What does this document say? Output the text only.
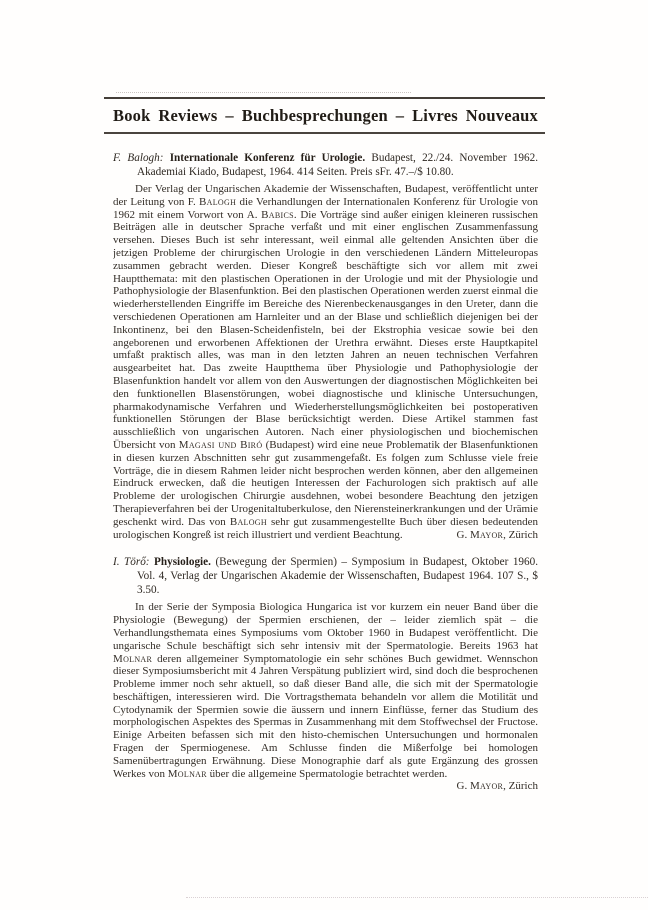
Book Reviews – Buchbesprechungen – Livres Nouveaux

F. Balogh: Internationale Konferenz für Urologie. Budapest, 22./24. November 1962. Akademiai Kiado, Budapest, 1964. 414 Seiten. Preis sFr. 47.–/$ 10.80.

Der Verlag der Ungarischen Akademie der Wissenschaften, Budapest, veröffentlicht unter der Leitung von F. Balogh die Verhandlungen der Internationalen Konferenz für Urologie von 1962 mit einem Vorwort von A. Babics. Die Vorträge sind außer einigen kleineren russischen Beiträgen alle in deutscher Sprache verfaßt und mit einer englischen Zusammenfassung versehen. Dieses Buch ist sehr interessant, weil einmal alle geltenden Ansichten über die jetzigen Probleme der chirurgischen Urologie in den verschiedenen Ländern Mitteleuropas zusammen gebracht werden. Dieser Kongreß beschäftigte sich vor allem mit zwei Hauptthemata: mit den plastischen Operationen in der Urologie und mit der Physiologie und Pathophysiologie der Blasenfunktion. Bei den plastischen Operationen werden zuerst einmal die wiederherstellenden Eingriffe im Bereiche des Nierenbeckenausganges in den Ureter, dann die verschiedenen Operationen am Harnleiter und an der Blase und schließlich diejenigen bei der Inkontinenz, bei den Blasen-Scheidenfisteln, bei der Ekstrophia vesicae sowie bei den angeborenen und erworbenen Affektionen der Urethra erwähnt. Dieses erste Hauptkapitel umfaßt praktisch alles, was man in den letzten Jahren an neuen technischen Verfahren ausgearbeitet hat. Das zweite Hauptthema über Physiologie und Pathophysiologie der Blasenfunktion handelt vor allem von den Auswertungen der diagnostischen Möglichkeiten bei den funktionellen Blasenstörungen, wobei diagnostische und klinische Untersuchungen, pharmakodynamische Verfahren und Wiederherstellungsmöglichkeiten bei postoperativen funktionellen Störungen der Blase berücksichtigt werden. Diese Artikel stammen fast ausschließlich von ungarischen Autoren. Nach einer physiologischen und biochemischen Übersicht von Magasi und Biró (Budapest) wird eine neue Problematik der Blasenfunktionen in diesen kurzen Abschnitten sehr gut zusammengefaßt. Es folgen zum Schlusse viele freie Vorträge, die in diesem Rahmen leider nicht besprochen werden können, aber den allgemeinen Eindruck erwecken, daß die heutigen Interessen der Fachurologen sich praktisch auf alle Probleme der urologischen Chirurgie ausdehnen, wobei besondere Beachtung den jetzigen Therapieverfahren bei der Urogenitaltuberkulose, den Nierensteinerkrankungen und der Urämie geschenkt wird. Das von Balogh sehr gut zusammengestellte Buch über diesen bedeutenden urologischen Kongreß ist reich illustriert und verdient Beachtung.	G. Mayor, Zürich

I. Törő: Physiologie. (Bewegung der Spermien) – Symposium in Budapest, Oktober 1960. Vol. 4, Verlag der Ungarischen Akademie der Wissenschaften, Budapest 1964. 107 S., $ 3.50.

In der Serie der Symposia Biologica Hungarica ist vor kurzem ein neuer Band über die Physiologie (Bewegung) der Spermien erschienen, der – leider ziemlich spät – die Verhandlungsthemata eines Symposiums vom Oktober 1960 in Budapest veröffentlicht. Die ungarische Schule beschäftigt sich sehr intensiv mit der Spermatologie. Bereits 1963 hat Molnar deren allgemeiner Symptomatologie ein sehr schönes Buch gewidmet. Wennschon dieser Symposiumsbericht mit 4 Jahren Verspätung publiziert wird, sind doch die besprochenen Probleme immer noch sehr aktuell, so daß dieser Band alle, die sich mit der Spermatologie beschäftigen, interessieren wird. Die Vortragsthemata behandeln vor allem die Motilität und Cytodynamik der Spermien sowie die äussern und innern Einflüsse, ferner das Studium des morphologischen Aspektes des Spermas in Zusammenhang mit dem Stoffwechsel der Fructose. Einige Arbeiten befassen sich mit den histo-chemischen Untersuchungen und hormonalen Fragen der Spermiogenese. Am Schlusse finden die Mißerfolge bei homologen Samenübertragungen Erwähnung. Diese Monographie darf als gute Ergänzung des grossen Werkes von Molnar über die allgemeine Spermatologie betrachtet werden.
G. Mayor, Zürich
